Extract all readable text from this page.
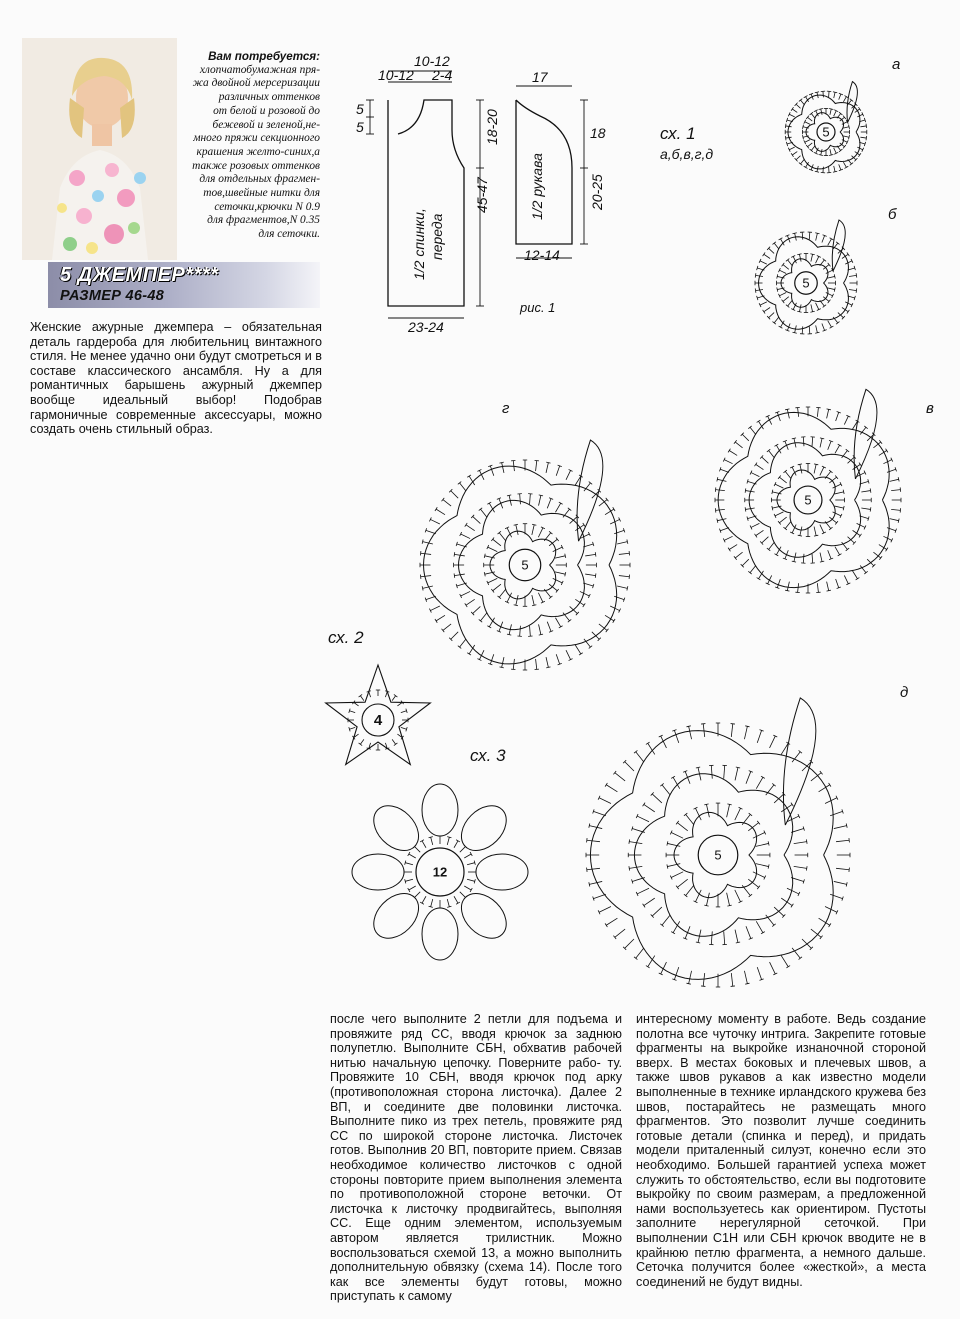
Вам потребуется:
хлопчатобумажная пря-
жа двойной мерсеризации
различных оттенков
от белой и розовой до
бежевой и зеленой,не-
много пряжи секционного
крашения желто-синих,а
также розовых оттенков
для отдельных фрагмен-
тов,швейные нитки для
сеточки,крючки N 0.9
для фрагментов,N 0.35
для сеточки.
5 ДЖЕМПЕР****
РАЗМЕР 46-48
10-12
10-12 2-4
5
5
45-47
18-20
23-24
17
18
20-25
12-14
1/2 спинки, переда
1/2 рукава
рис. 1
сх. 1
а,б,в,г,д
а
б
в
г
д
сх. 2
сх. 3
5
5
5
5
5
4
12

Женские ажурные джемпера – обязательная деталь гардероба для любительниц винтажного стиля. Не менее удачно они будут смотреться и в составе классического ансамбля. Ну а для романтичных барышень ажурный джемпер вообще идеальный выбор! Подобрав гармоничные современные аксессуары, можно создать очень стильный образ.

после чего выполните 2 петли для подъема и провяжите ряд СС, вводя крючок за заднюю полупетлю. Выполните СБН, обхватив рабочей нитью начальную цепочку. Поверните рабо- ту. Провяжите 10 СБН, вводя крючок под арку (противоположная сторона листочка). Далее 2 ВП, и соедините две половинки листочка. Выполните пико из трех петель, провяжите ряд СС по широкой стороне листочка. Листочек готов. Выполнив 20 ВП, повторите прием. Связав необходимое количество листочков с одной стороны повторите прием выполнения элемента по противоположной стороне веточки. От листочка к листочку продвигайтесь, выполняя СС. Еще одним элементом, используемым автором является трилистник. Можно воспользоваться схемой 13, а можно выполнить дополнительную обвязку (схема 14). После того как все элементы будут готовы, можно приступать к самому

интересному моменту в работе. Ведь создание полотна все чуточку интрига. Закрепите готовые фрагменты на выкройке изнаночной стороной вверх. В местах боковых и плечевых швов, а также швов рукавов а как известно модели выполненные в технике ирландского кружева без швов, постарайтесь не размещать много фрагментов. Это позволит лучше соединить готовые детали (спинка и перед), и придать модели приталенный силуэт, конечно если это необходимо. Большей гарантией успеха может служить то обстоятельство, если вы подготовите выкройку по своим размерам, а предложенной нами воспользуетесь как ориентиром. Пустоты заполните нерегулярной сеточкой. При выполнении С1Н или СБН крючок вводите не в крайнюю петлю фрагмента, а немного дальше. Сеточка получится более «жесткой», а места соединений не будут видны.
